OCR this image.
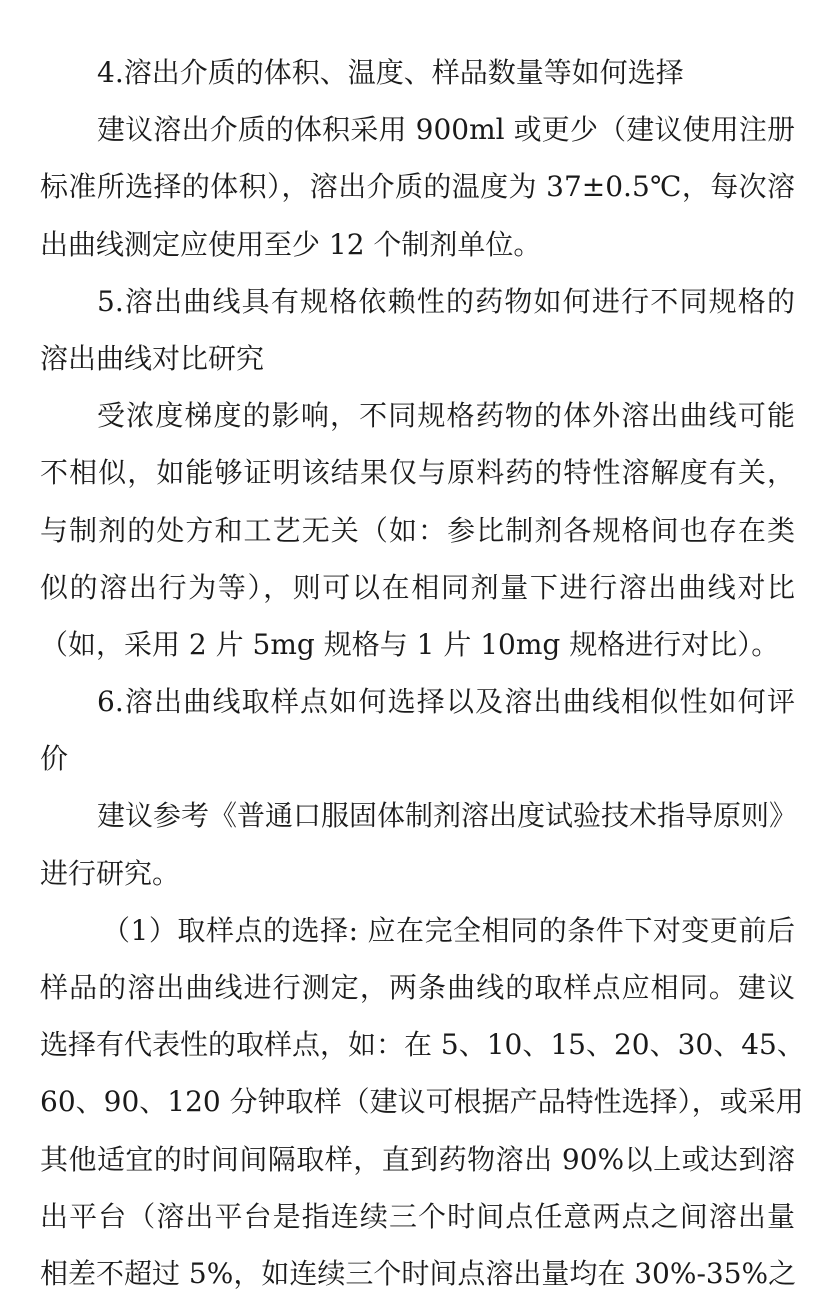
4.溶出介质的体积、温度、样品数量等如何选择
建议溶出介质的体积采用 900ml 或更少（建议使用注册
标准所选择的体积），溶出介质的温度为 37±0.5℃，每次溶
出曲线测定应使用至少 12 个制剂单位。
5.溶出曲线具有规格依赖性的药物如何进行不同规格的
溶出曲线对比研究
受浓度梯度的影响，不同规格药物的体外溶出曲线可能
不相似，如能够证明该结果仅与原料药的特性溶解度有关，
与制剂的处方和工艺无关（如：参比制剂各规格间也存在类
似的溶出行为等），则可以在相同剂量下进行溶出曲线对比
（如，采用 2 片 5mg 规格与 1 片 10mg 规格进行对比）。
6.溶出曲线取样点如何选择以及溶出曲线相似性如何评
价
建议参考《普通口服固体制剂溶出度试验技术指导原则》
进行研究。
（1）取样点的选择: 应在完全相同的条件下对变更前后
样品的溶出曲线进行测定，两条曲线的取样点应相同。建议
选择有代表性的取样点，如：在 5、10、15、20、30、45、
60、90、120 分钟取样（建议可根据产品特性选择），或采用
其他适宜的时间间隔取样，直到药物溶出 90%以上或达到溶
出平台（溶出平台是指连续三个时间点任意两点之间溶出量
相差不超过 5%，如连续三个时间点溶出量均在 30%-35%之
